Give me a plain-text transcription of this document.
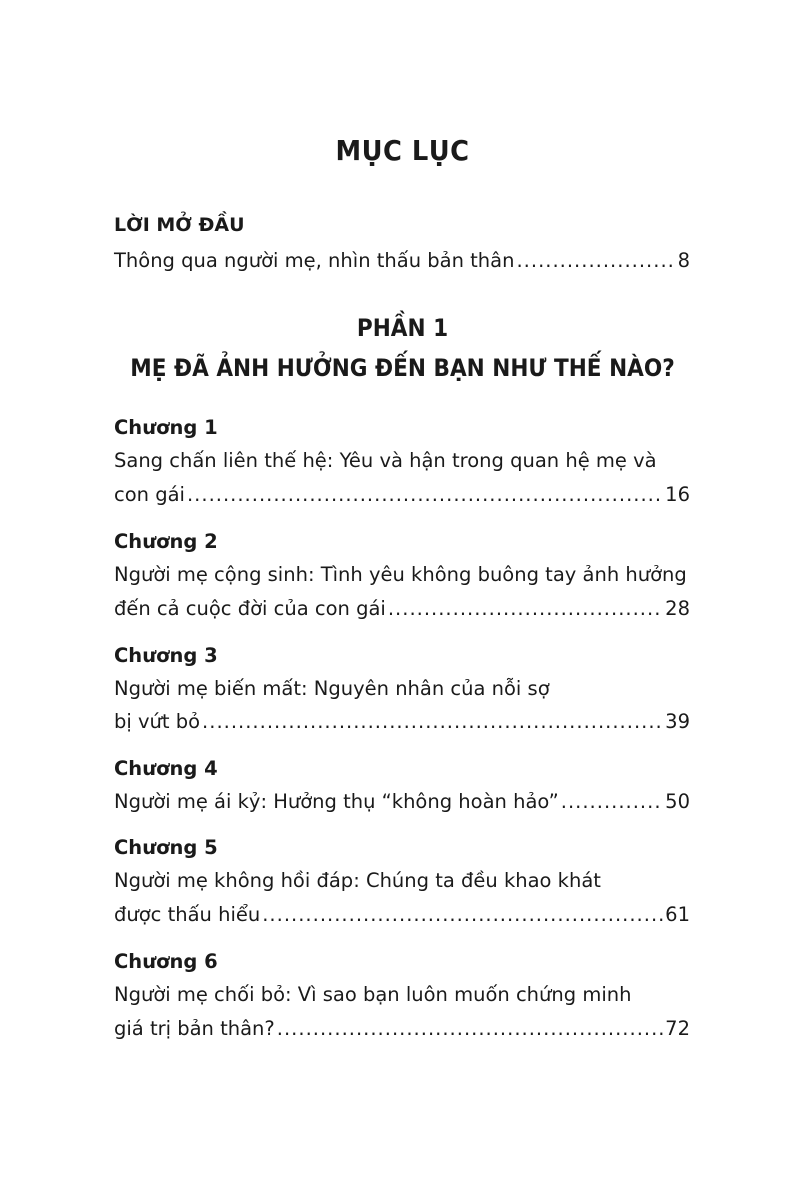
MỤC LỤC
PHẦN 1
MẸ ĐÃ ẢNH HƯỞNG ĐẾN BẠN NHƯ THẾ NÀO?
LỜI MỞ ĐẦU
Thông qua người mẹ, nhìn thấu bản thân .....	8
Chương 1
Sang chấn liên thế hệ: Yêu và hận trong quan hệ mẹ và
con gái .....	16
Chương 2
Người mẹ cộng sinh: Tình yêu không buông tay ảnh hưởng
đến cả cuộc đời của con gái .....	28
Chương 3
Người mẹ biến mất: Nguyên nhân của nỗi sợ
bị vứt bỏ .....	39
Chương 4
Người mẹ ái kỷ: Hưởng thụ “không hoàn hảo” .....	50
Chương 5
Người mẹ không hồi đáp: Chúng ta đều khao khát
được thấu hiểu .....	61
Chương 6
Người mẹ chối bỏ: Vì sao bạn luôn muốn chứng minh
giá trị bản thân? .....	72
